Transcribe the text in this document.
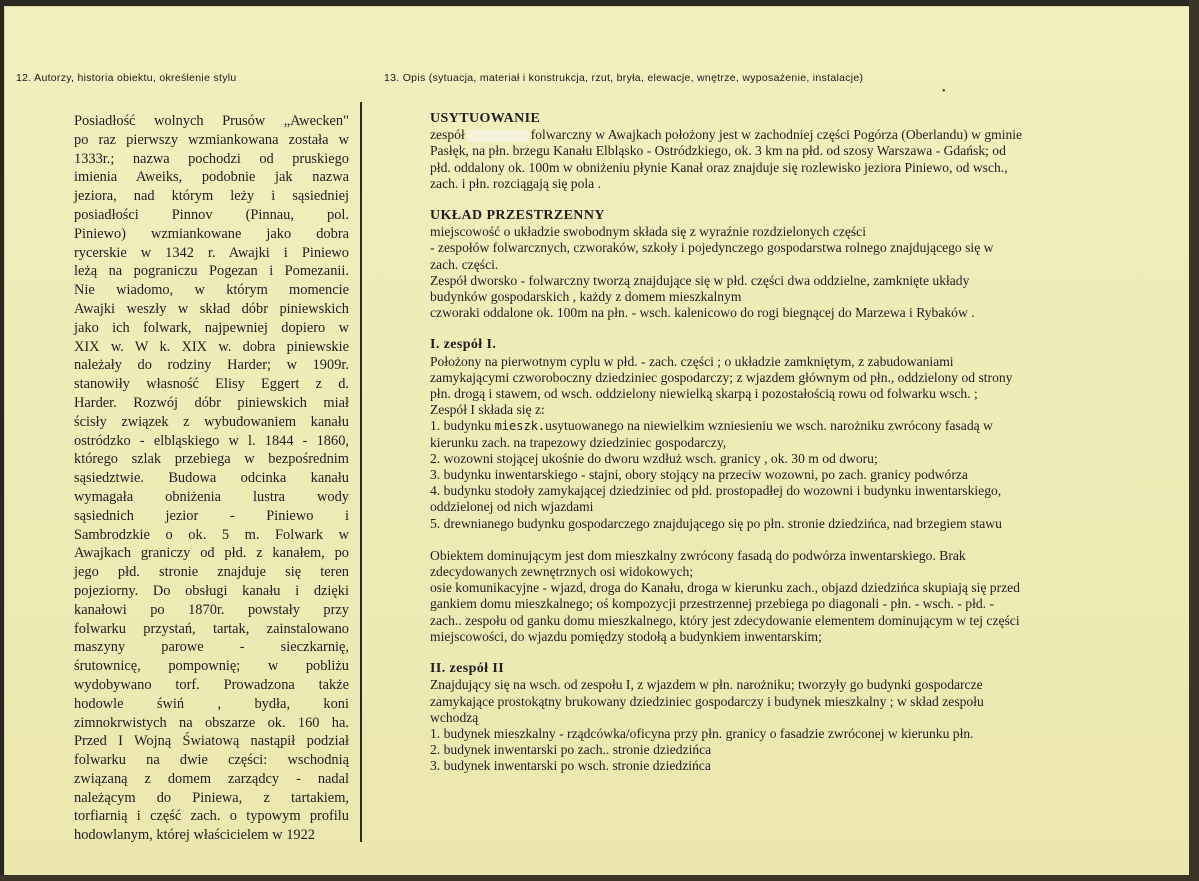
12. Autorzy, historia obiektu, określenie stylu	13. Opis (sytuacja, materiał i konstrukcja, rzut, bryła, elewacje, wnętrze, wyposażenie, instalacje)
•
Posiadłość wolnych Prusów „Awecken"
po raz pierwszy wzmiankowana została w
1333r.; nazwa pochodzi od pruskiego
imienia Aweiks, podobnie jak nazwa
jeziora, nad którym leży i sąsiedniej
posiadłości Pinnov (Pinnau, pol.
Piniewo) wzmiankowane jako dobra
rycerskie w 1342 r. Awajki i Piniewo
leżą na pograniczu Pogezan i Pomezanii.
Nie wiadomo, w którym momencie
Awajki weszły w skład dóbr piniewskich
jako ich folwark, najpewniej dopiero w
XIX w. W k. XIX w. dobra piniewskie
należały do rodziny Harder; w 1909r.
stanowiły własność Elisy Eggert z d.
Harder. Rozwój dóbr piniewskich miał
ścisły związek z wybudowaniem kanału
ostródzko - elbląskiego w l. 1844 - 1860,
którego szlak przebiega w bezpośrednim
sąsiedztwie. Budowa odcinka kanału
wymagała obniżenia lustra wody
sąsiednich jezior - Piniewo i
Sambrodzkie o ok. 5 m. Folwark w
Awajkach graniczy od płd. z kanałem, po
jego płd. stronie znajduje się teren
pojeziorny. Do obsługi kanału i dzięki
kanałowi po 1870r. powstały przy
folwarku przystań, tartak, zainstalowano
maszyny parowe - sieczkarnię,
śrutownicę, pompownię; w pobliżu
wydobywano torf. Prowadzona także
hodowle świń , bydła, koni
zimnokrwistych na obszarze ok. 160 ha.
Przed I Wojną Światową nastąpił podział
folwarku na dwie części: wschodnią
związaną z domem zarządcy - nadal
należącym do Piniewa, z tartakiem,
torfiarnią i część zach. o typowym profilu
hodowlanym, której właścicielem w 1922
USYTUOWANIE
zespół	folwarczny w Awajkach położony jest w zachodniej części Pogórza (Oberlandu) w gminie
Pasłęk, na płn. brzegu Kanału Elbląsko - Ostródzkiego, ok. 3 km na płd. od szosy Warszawa - Gdańsk; od
płd. oddalony ok. 100m w obniżeniu płynie Kanał oraz znajduje się rozlewisko jeziora Piniewo, od wsch.,
zach. i płn. rozciągają się pola .
UKŁAD PRZESTRZENNY
miejscowość o układzie swobodnym składa się z wyraźnie rozdzielonych części
- zespołów folwarcznych, czworaków, szkoły i pojedynczego gospodarstwa rolnego znajdującego się w
zach. części.
Zespół dworsko - folwarczny tworzą znajdujące się w płd. części dwa oddzielne, zamknięte układy
budynków gospodarskich , każdy z domem mieszkalnym
czworaki oddalone ok. 100m na płn. - wsch. kalenicowo do rogi biegnącej do Marzewa i Rybaków .
I. zespół I.
Położony na pierwotnym cyplu w płd. - zach. części ; o układzie zamkniętym, z zabudowaniami
zamykającymi czworoboczny dziedziniec gospodarczy; z wjazdem głównym od płn., oddzielony od strony
płn. drogą i stawem, od wsch. oddzielony niewielką skarpą i pozostałością rowu od folwarku wsch. ;
Zespół I składa się z:
1. budynku mieszk.usytuowanego na niewielkim wzniesieniu we wsch. narożniku zwrócony fasadą w
kierunku zach. na trapezowy dziedziniec gospodarczy,
2. wozowni stojącej ukośnie do dworu wzdłuż wsch. granicy , ok. 30 m od dworu;
3. budynku inwentarskiego - stajni, obory stojący na przeciw wozowni, po zach. granicy podwórza
4. budynku stodoły zamykającej dziedziniec od płd. prostopadłej do wozowni i budynku inwentarskiego,
oddzielonej od nich wjazdami
5. drewnianego budynku gospodarczego znajdującego się po płn. stronie dziedzińca, nad brzegiem stawu
Obiektem dominującym jest dom mieszkalny zwrócony fasadą do podwórza inwentarskiego. Brak
zdecydowanych zewnętrznych osi widokowych;
osie komunikacyjne - wjazd, droga do Kanału, droga w kierunku zach., objazd dziedzińca skupiają się przed
gankiem domu mieszkalnego; oś kompozycji przestrzennej przebiega po diagonali - płn. - wsch. - płd. -
zach.. zespołu od ganku domu mieszkalnego, który jest zdecydowanie elementem dominującym w tej części
miejscowości, do wjazdu pomiędzy stodołą a budynkiem inwentarskim;
II. zespół II
Znajdujący się na wsch. od zespołu I, z wjazdem w płn. narożniku; tworzyły go budynki gospodarcze
zamykające prostokątny brukowany dziedziniec gospodarczy i budynek mieszkalny ; w skład zespołu
wchodzą
1. budynek mieszkalny - rządcówka/oficyna przy płn. granicy o fasadzie zwróconej w kierunku płn.
2. budynek inwentarski po zach.. stronie dziedzińca
3. budynek inwentarski po wsch. stronie dziedzińca
